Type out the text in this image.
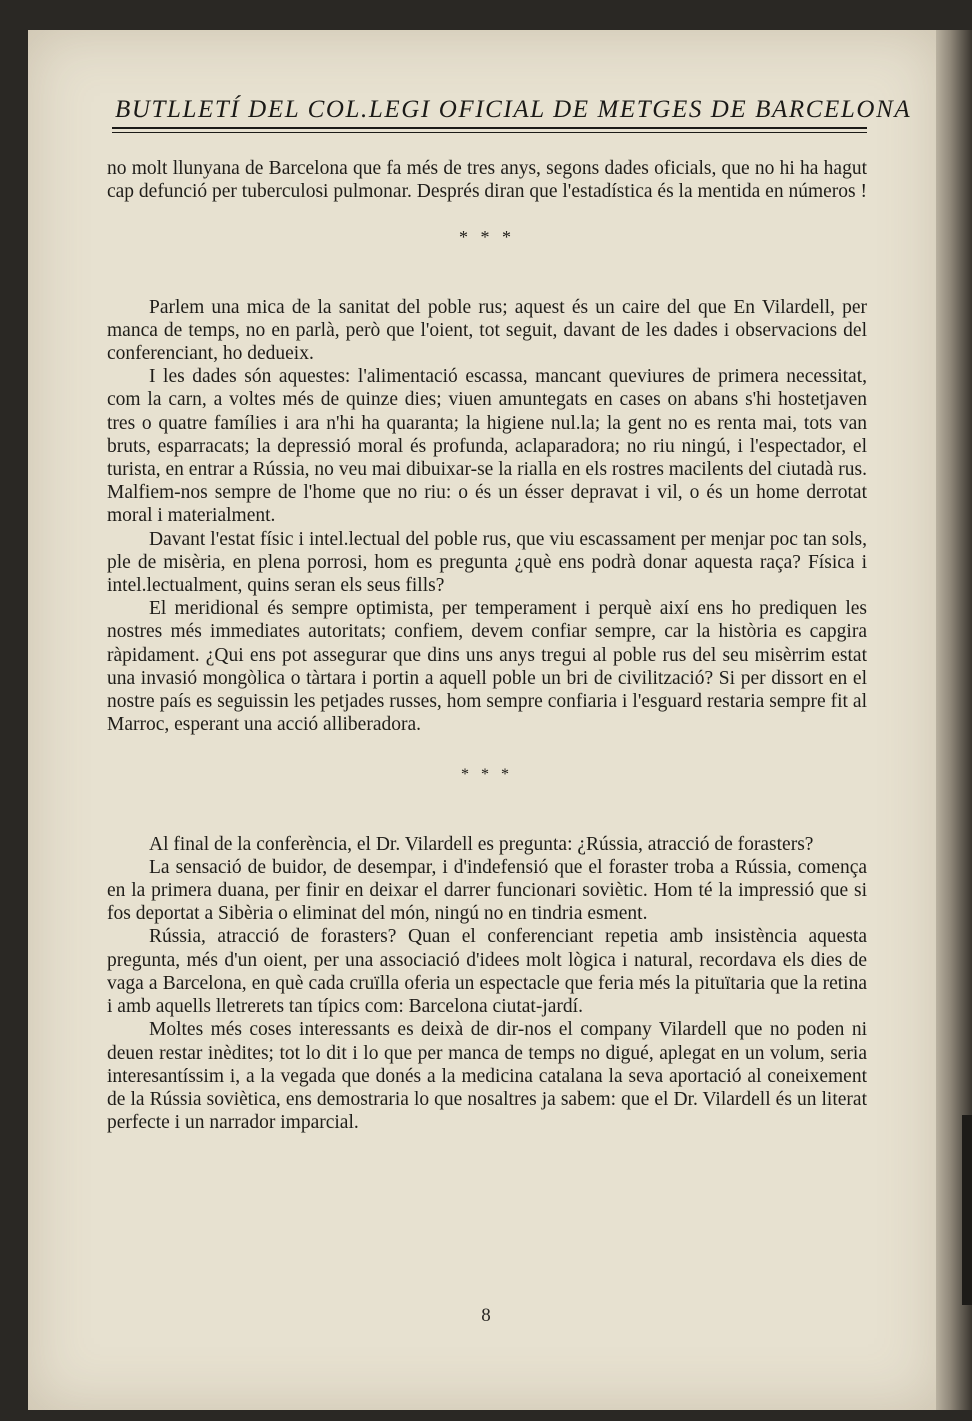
BUTLLETÍ DEL COL.LEGI OFICIAL DE METGES DE BARCELONA

no molt llunyana de Barcelona que fa més de tres anys, segons dades oficials, que no hi ha hagut cap defunció per tuberculosi pulmonar. Després diran que l'estadística és la mentida en números !

* * *

Parlem una mica de la sanitat del poble rus; aquest és un caire del que En Vilardell, per manca de temps, no en parlà, però que l'oient, tot seguit, davant de les dades i observacions del conferenciant, ho dedueix.

I les dades són aquestes: l'alimentació escassa, mancant queviures de primera necessitat, com la carn, a voltes més de quinze dies; viuen amuntegats en cases on abans s'hi hostetjaven tres o quatre famílies i ara n'hi ha quaranta; la higiene nul.la; la gent no es renta mai, tots van bruts, esparracats; la depressió moral és profunda, aclaparadora; no riu ningú, i l'espectador, el turista, en entrar a Rússia, no veu mai dibuixar-se la rialla en els rostres macilents del ciutadà rus. Malfiem-nos sempre de l'home que no riu: o és un ésser depravat i vil, o és un home derrotat moral i materialment.

Davant l'estat físic i intel.lectual del poble rus, que viu escassament per menjar poc tan sols, ple de misèria, en plena porrosi, hom es pregunta ¿què ens podrà donar aquesta raça? Física i intel.lectualment, quins seran els seus fills?

El meridional és sempre optimista, per temperament i perquè així ens ho prediquen les nostres més immediates autoritats; confiem, devem confiar sempre, car la història es capgira ràpidament. ¿Qui ens pot assegurar que dins uns anys tregui al poble rus del seu misèrrim estat una invasió mongòlica o tàrtara i portin a aquell poble un bri de civilització? Si per dissort en el nostre país es seguissin les petjades russes, hom sempre confiaria i l'esguard restaria sempre fit al Marroc, esperant una acció alliberadora.

* * *

Al final de la conferència, el Dr. Vilardell es pregunta: ¿Rússia, atracció de forasters?

La sensació de buidor, de desempar, i d'indefensió que el foraster troba a Rússia, comença en la primera duana, per finir en deixar el darrer funcionari soviètic. Hom té la impressió que si fos deportat a Sibèria o eliminat del món, ningú no en tindria esment.

Rússia, atracció de forasters? Quan el conferenciant repetia amb insistència aquesta pregunta, més d'un oient, per una associació d'idees molt lògica i natural, recordava els dies de vaga a Barcelona, en què cada cruïlla oferia un espectacle que feria més la pituïtaria que la retina i amb aquells lletrerets tan típics com: Barcelona ciutat-jardí.

Moltes més coses interessants es deixà de dir-nos el company Vilardell que no poden ni deuen restar inèdites; tot lo dit i lo que per manca de temps no digué, aplegat en un volum, seria interesantíssim i, a la vegada que donés a la medicina catalana la seva aportació al coneixement de la Rússia soviètica, ens demostraria lo que nosaltres ja sabem: que el Dr. Vilardell és un literat perfecte i un narrador imparcial.

8
